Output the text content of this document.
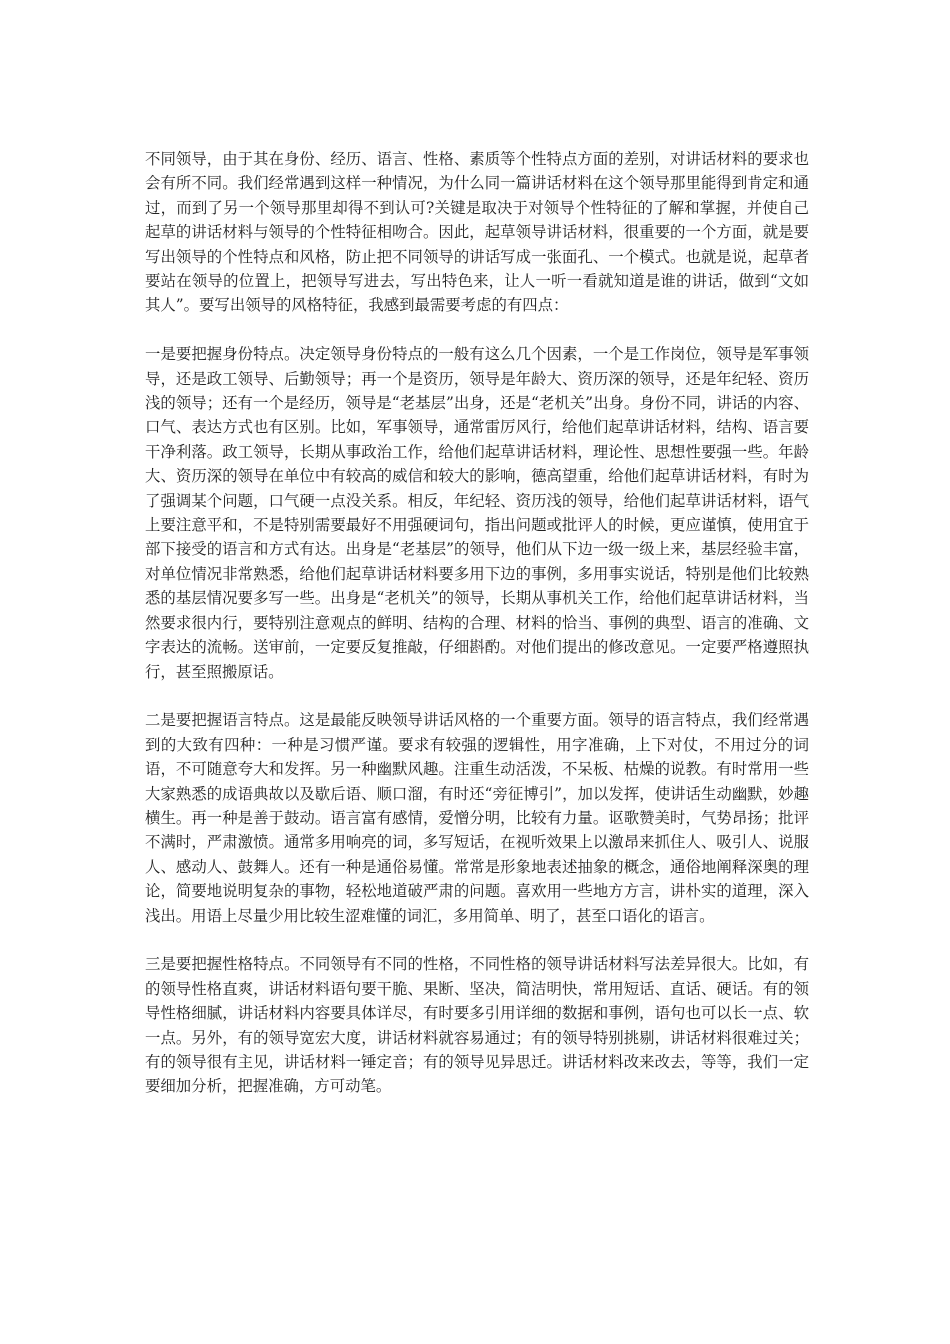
不同领导，由于其在身份、经历、语言、性格、素质等个性特点方面的差别，对讲话材料的要求也会有所不同。我们经常遇到这样一种情况，为什么同一篇讲话材料在这个领导那里能得到肯定和通过，而到了另一个领导那里却得不到认可?关键是取决于对领导个性特征的了解和掌握，并使自己起草的讲话材料与领导的个性特征相吻合。因此，起草领导讲话材料，很重要的一个方面，就是要写出领导的个性特点和风格，防止把不同领导的讲话写成一张面孔、一个模式。也就是说，起草者要站在领导的位置上，把领导写进去，写出特色来，让人一听一看就知道是谁的讲话，做到“文如其人”。要写出领导的风格特征，我感到最需要考虑的有四点：

一是要把握身份特点。决定领导身份特点的一般有这么几个因素，一个是工作岗位，领导是军事领导，还是政工领导、后勤领导；再一个是资历，领导是年龄大、资历深的领导，还是年纪轻、资历浅的领导；还有一个是经历，领导是“老基层”出身，还是“老机关”出身。身份不同，讲话的内容、口气、表达方式也有区别。比如，军事领导，通常雷厉风行，给他们起草讲话材料，结构、语言要干净利落。政工领导，长期从事政治工作，给他们起草讲话材料，理论性、思想性要强一些。年龄大、资历深的领导在单位中有较高的威信和较大的影响，德高望重，给他们起草讲话材料，有时为了强调某个问题，口气硬一点没关系。相反，年纪轻、资历浅的领导，给他们起草讲话材料，语气上要注意平和，不是特别需要最好不用强硬词句，指出问题或批评人的时候，更应谨慎，使用宜于部下接受的语言和方式有达。出身是“老基层”的领导，他们从下边一级一级上来，基层经验丰富，对单位情况非常熟悉，给他们起草讲话材料要多用下边的事例，多用事实说话，特别是他们比较熟悉的基层情况要多写一些。出身是“老机关”的领导，长期从事机关工作，给他们起草讲话材料，当然要求很内行，要特别注意观点的鲜明、结构的合理、材料的恰当、事例的典型、语言的准确、文字表达的流畅。送审前，一定要反复推敲，仔细斟酌。对他们提出的修改意见。一定要严格遵照执行，甚至照搬原话。

二是要把握语言特点。这是最能反映领导讲话风格的一个重要方面。领导的语言特点，我们经常遇到的大致有四种：一种是习惯严谨。要求有较强的逻辑性，用字准确，上下对仗，不用过分的词语，不可随意夸大和发挥。另一种幽默风趣。注重生动活泼，不呆板、枯燥的说教。有时常用一些大家熟悉的成语典故以及歇后语、顺口溜，有时还“旁征博引”，加以发挥，使讲话生动幽默，妙趣横生。再一种是善于鼓动。语言富有感情，爱憎分明，比较有力量。讴歌赞美时，气势昂扬；批评不满时，严肃激愤。通常多用响亮的词，多写短话，在视听效果上以激昂来抓住人、吸引人、说服人、感动人、鼓舞人。还有一种是通俗易懂。常常是形象地表述抽象的概念，通俗地阐释深奥的理论，简要地说明复杂的事物，轻松地道破严肃的问题。喜欢用一些地方方言，讲朴实的道理，深入浅出。用语上尽量少用比较生涩难懂的词汇，多用简单、明了，甚至口语化的语言。

三是要把握性格特点。不同领导有不同的性格，不同性格的领导讲话材料写法差异很大。比如，有的领导性格直爽，讲话材料语句要干脆、果断、坚决，简洁明快，常用短话、直话、硬话。有的领导性格细腻，讲话材料内容要具体详尽，有时要多引用详细的数据和事例，语句也可以长一点、软一点。另外，有的领导宽宏大度，讲话材料就容易通过；有的领导特别挑剔，讲话材料很难过关；有的领导很有主见，讲话材料一锤定音；有的领导见异思迁。讲话材料改来改去，等等，我们一定要细加分析，把握准确，方可动笔。
